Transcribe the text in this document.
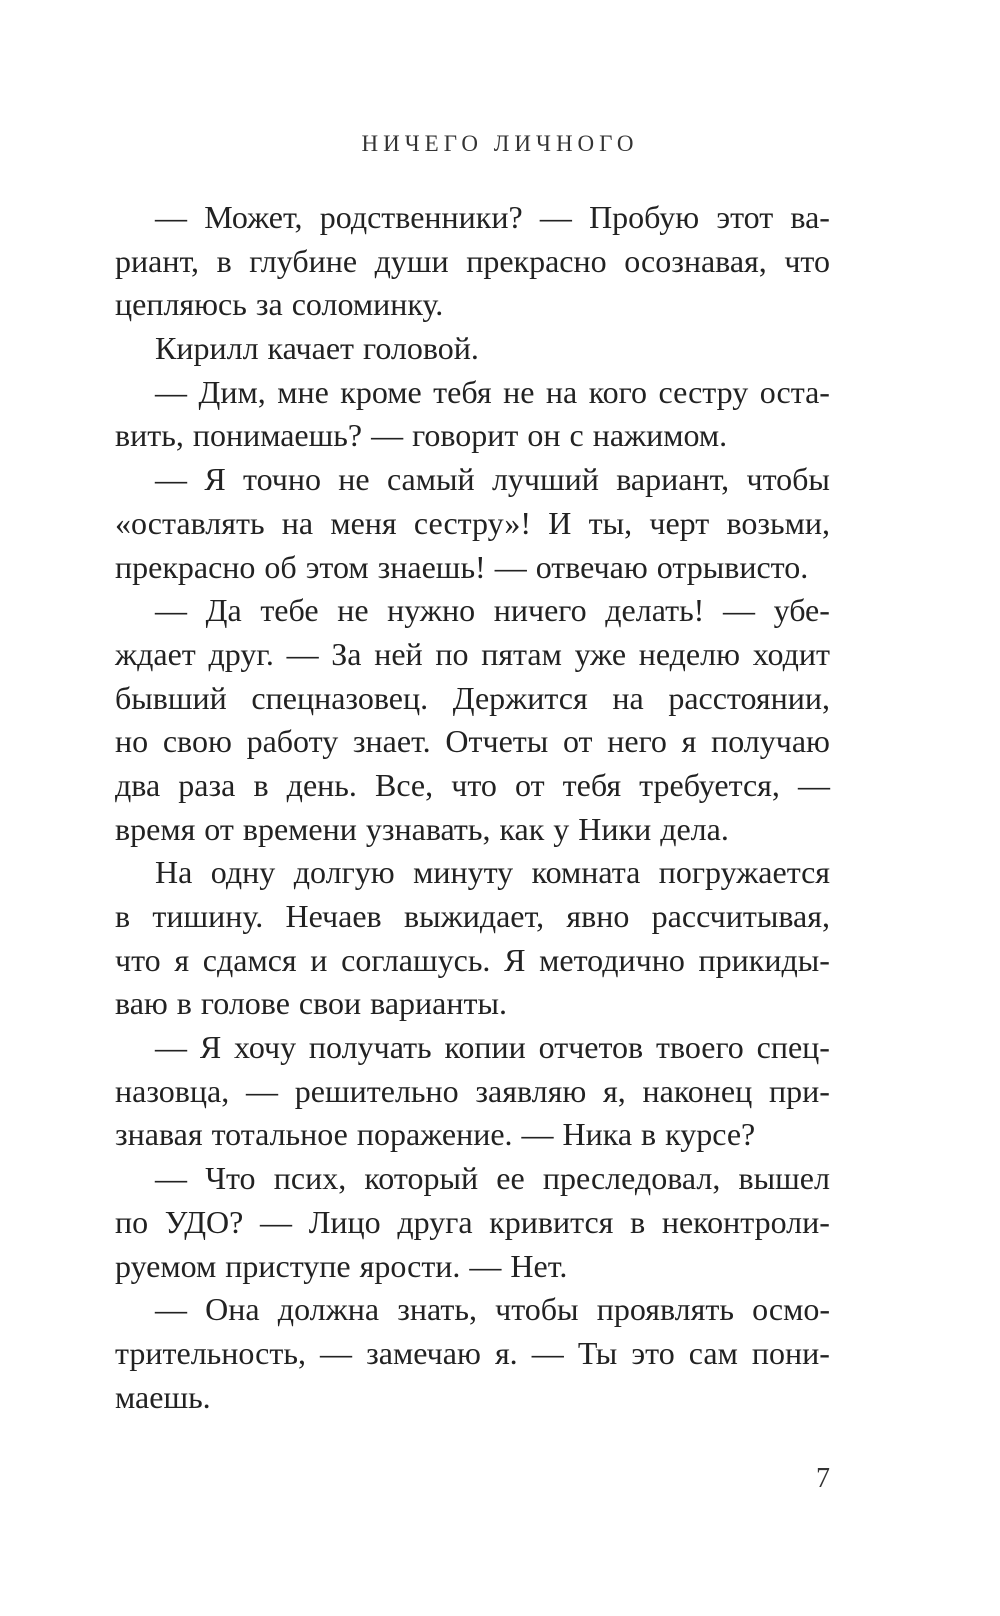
НИЧЕГО ЛИЧНОГО
— Может, родственники? — Пробую этот ва-
риант, в глубине души прекрасно осознавая, что
цепляюсь за соломинку.
Кирилл качает головой.
— Дим, мне кроме тебя не на кого сестру оста-
вить, понимаешь? — говорит он с нажимом.
— Я точно не самый лучший вариант, чтобы
«оставлять на меня сестру»! И ты, черт возьми,
прекрасно об этом знаешь! — отвечаю отрывисто.
— Да тебе не нужно ничего делать! — убе-
ждает друг. — За ней по пятам уже неделю ходит
бывший спецназовец. Держится на расстоянии,
но свою работу знает. Отчеты от него я получаю
два раза в день. Все, что от тебя требуется, —
время от времени узнавать, как у Ники дела.
На одну долгую минуту комната погружается
в тишину. Нечаев выжидает, явно рассчитывая,
что я сдамся и соглашусь. Я методично прикиды-
ваю в голове свои варианты.
— Я хочу получать копии отчетов твоего спец-
назовца, — решительно заявляю я, наконец при-
знавая тотальное поражение. — Ника в курсе?
— Что псих, который ее преследовал, вышел
по УДО? — Лицо друга кривится в неконтроли-
руемом приступе ярости. — Нет.
— Она должна знать, чтобы проявлять осмо-
трительность, — замечаю я. — Ты это сам пони-
маешь.
7
